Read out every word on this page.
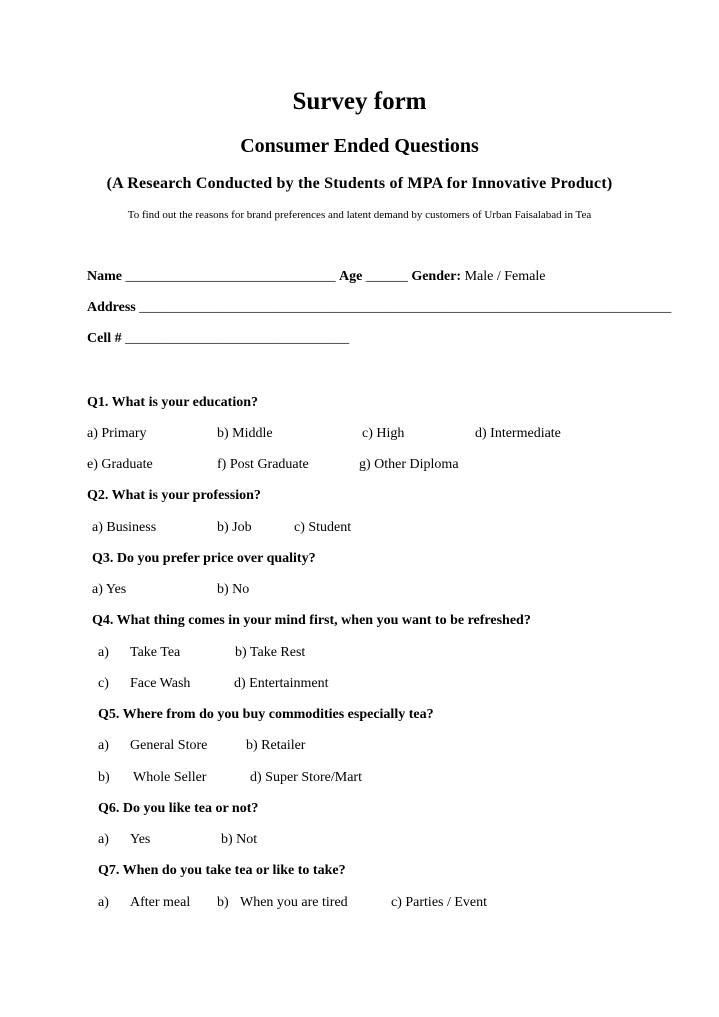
Survey form
Consumer Ended Questions
(A Research Conducted by the Students of MPA for Innovative Product)
To find out the reasons for brand preferences and latent demand by customers of Urban Faisalabad in Tea
Name ______________________________ Age ______ Gender: Male / Female
Address ____________________________________________________________________________
Cell # ________________________________
Q1. What is your education?
a) Primary	b) Middle	c) High	d) Intermediate
e) Graduate	f) Post Graduate	g) Other Diploma
Q2. What is your profession?
a) Business	b) Job	c) Student
Q3. Do you prefer price over quality?
a) Yes	b) No
Q4. What thing comes in your mind first, when you want to be refreshed?
a) Take Tea	b) Take Rest
c) Face Wash	d) Entertainment
Q5. Where from do you buy commodities especially tea?
a) General Store	b) Retailer
b) Whole Seller	d) Super Store/Mart
Q6. Do you like tea or not?
a) Yes	b) Not
Q7. When do you take tea or like to take?
a) After meal b) When you are tired	c) Parties / Event
